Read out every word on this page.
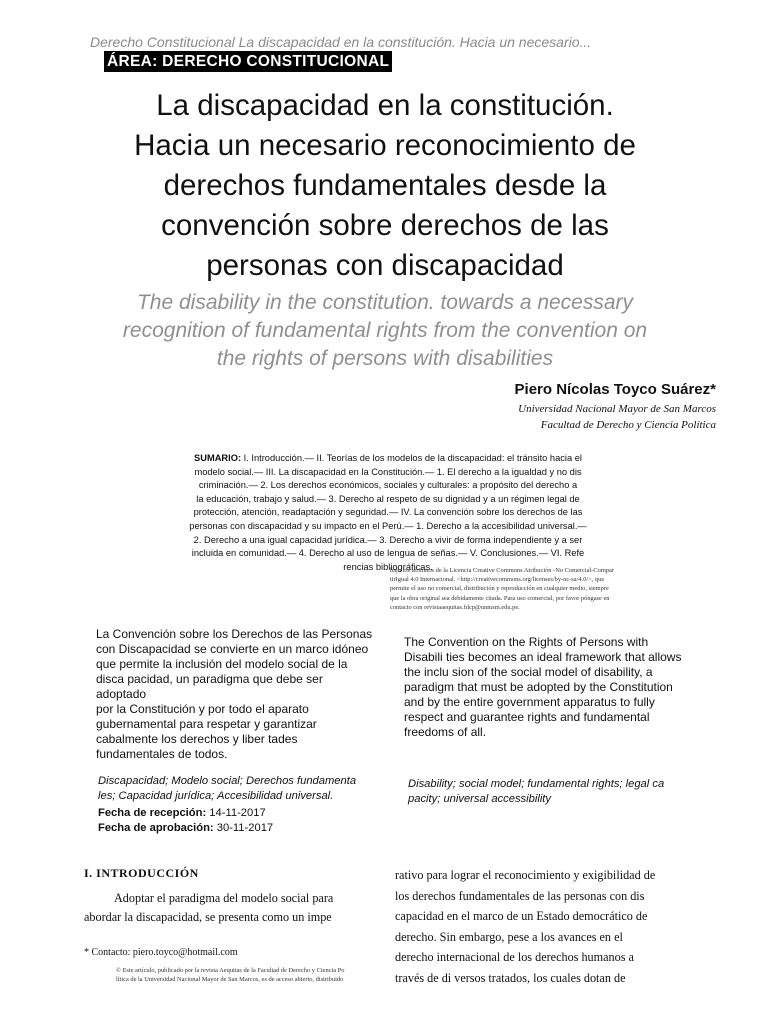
Derecho Constitucional La discapacidad en la constitución. Hacia un necesario...
ÁREA: DERECHO CONSTITUCIONAL
La discapacidad en la constitución.
Hacia un necesario reconocimiento de
derechos fundamentales desde la
convención sobre derechos de las
personas con discapacidad
The disability in the constitution. towards a necessary
recognition of fundamental rights from the convention on
the rights of persons with disabilities
Piero Nícolas Toyco Suárez*
Universidad Nacional Mayor de San Marcos
Facultad de Derecho y Ciencia Política
SUMARIO: I. Introducción.— II. Teorías de los modelos de la discapacidad: el tránsito hacia el
modelo social.— III. La discapacidad en la Constitución.— 1. El derecho a la igualdad y no dis
criminación.— 2. Los derechos económicos, sociales y culturales: a propósito del derecho a
la educación, trabajo y salud.— 3. Derecho al respeto de su dignidad y a un régimen legal de
protección, atención, readaptación y seguridad.— IV. La convención sobre los derechos de las
personas con discapacidad y su impacto en el Perú.— 1. Derecho a la accesibilidad universal.—
2. Derecho a una igual capacidad jurídica.— 3. Derecho a vivir de forma independiente y a ser
incluida en comunidad.— 4. Derecho al uso de lengua de señas.— V. Conclusiones.— VI. Refe
rencias bibliográficas.
bajo los términos de la Licencia Creative Commons Atribución -No Comercial-Compar
tirIgual 4.0 Internacional. <http://creativecommons.org/licenses/by-nc-sa/4.0/>, que
permite el uso no comercial, distribución y reproducción en cualquier medio, siempre
que la obra original sea debidamente citada. Para uso comercial, por favor póngase en
contacto con revistaaequitas.fdcp@unmsm.edu.pe.
La Convención sobre los Derechos de las Personas
con Discapacidad se convierte en un marco idóneo
que permite la inclusión del modelo social de la
disca pacidad, un paradigma que debe ser adoptado
por la Constitución y por todo el aparato
gubernamental para respetar y garantizar
cabalmente los derechos y liber tades
fundamentales de todos.
The Convention on the Rights of Persons with
Disabili ties becomes an ideal framework that allows
the inclu sion of the social model of disability, a
paradigm that must be adopted by the Constitution
and by the entire government apparatus to fully
respect and guarantee rights and fundamental
freedoms of all.
Discapacidad; Modelo social; Derechos fundamenta
les; Capacidad jurídica; Accesibilidad universal.
Fecha de recepción: 14-11-2017
Fecha de aprobación: 30-11-2017
Disability; social model; fundamental rights; legal ca
pacity; universal accessibility
I. INTRODUCCIÓN
Adoptar el paradigma del modelo social para
abordar la discapacidad, se presenta como un impe
* Contacto: piero.toyco@hotmail.com
© Este artículo, publicado por la revista Aequitas de la Facultad de Derecho y Ciencia Po
lítica de la Universidad Nacional Mayor de San Marcos, es de acceso abierto, distribuido
rativo para lograr el reconocimiento y exigibilidad de
los derechos fundamentales de las personas con dis
capacidad en el marco de un Estado democrático de
derecho. Sin embargo, pese a los avances en el
derecho internacional de los derechos humanos a
través de di versos tratados, los cuales dotan de
